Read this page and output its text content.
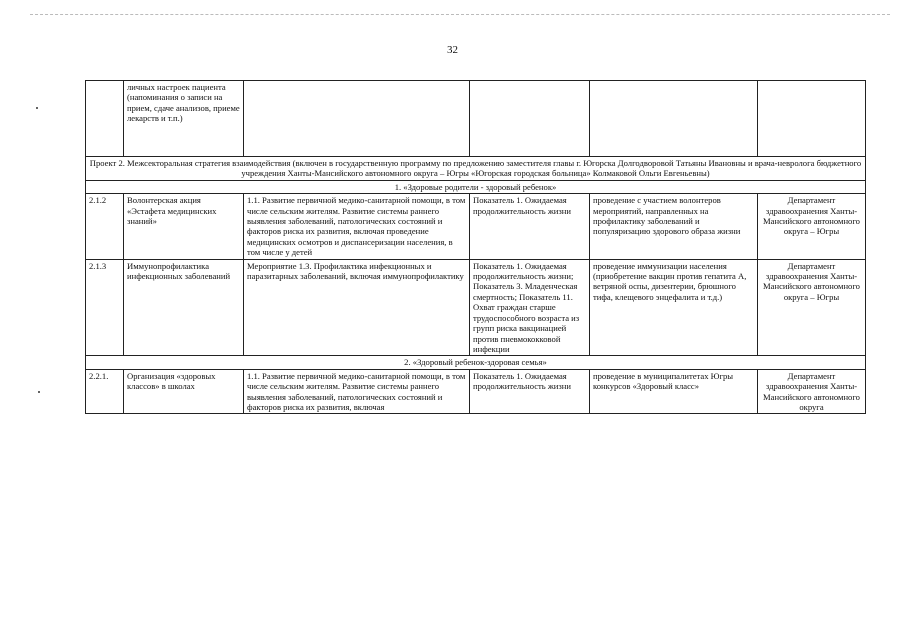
32
	личных настроек пациента (напоминания о записи на прием, сдаче анализов, приеме лекарств и т.п.)				
Проект 2. Межсекторальная стратегия взаимодействия (включен в государственную программу по предложению заместителя главы г. Югорска Долгодворовой Татьяны Ивановны и врача-невролога бюджетного учреждения Ханты-Мансийского автономного округа – Югры «Югорская городская больница» Колмаковой Ольги Евгеньевны)					
1. «Здоровые родители - здоровый ребенок»					
2.1.2	Волонтерская акция «Эстафета медицинских знаний»	1.1. Развитие первичной медико-санитарной помощи, в том числе сельским жителям. Развитие системы раннего выявления заболеваний, патологических состояний и факторов риска их развития, включая проведение медицинских осмотров и диспансеризации населения, в том числе у детей	Показатель 1. Ожидаемая продолжительность жизни	проведение с участием волонтеров мероприятий, направленных на профилактику заболеваний и популяризацию здорового образа жизни	Департамент здравоохранения Ханты-Мансийского автономного округа – Югры
2.1.3	Иммунопрофилактика инфекционных заболеваний	Мероприятие 1.3. Профилактика инфекционных и паразитарных заболеваний, включая иммунопрофилактику	Показатель 1. Ожидаемая продолжительность жизни; Показатель 3. Младенческая смертность; Показатель 11. Охват граждан старше трудоспособного возраста из групп риска вакцинацией против пневмококковой инфекции	проведение иммунизации населения (приобретение вакцин против гепатита А, ветряной оспы, дизентерии, брюшного тифа, клещевого энцефалита и т.д.)	Департамент здравоохранения Ханты-Мансийского автономного округа – Югры
2. «Здоровый ребенок-здоровая семья»					
2.2.1.	Организация «здоровых классов» в школах	1.1. Развитие первичной медико-санитарной помощи, в том числе сельским жителям. Развитие системы раннего выявления заболеваний, патологических состояний и факторов риска их развития, включая	Показатель 1. Ожидаемая продолжительность жизни	проведение в муниципалитетах Югры конкурсов «Здоровый класс»	Департамент здравоохранения Ханты-Мансийского автономного округа
